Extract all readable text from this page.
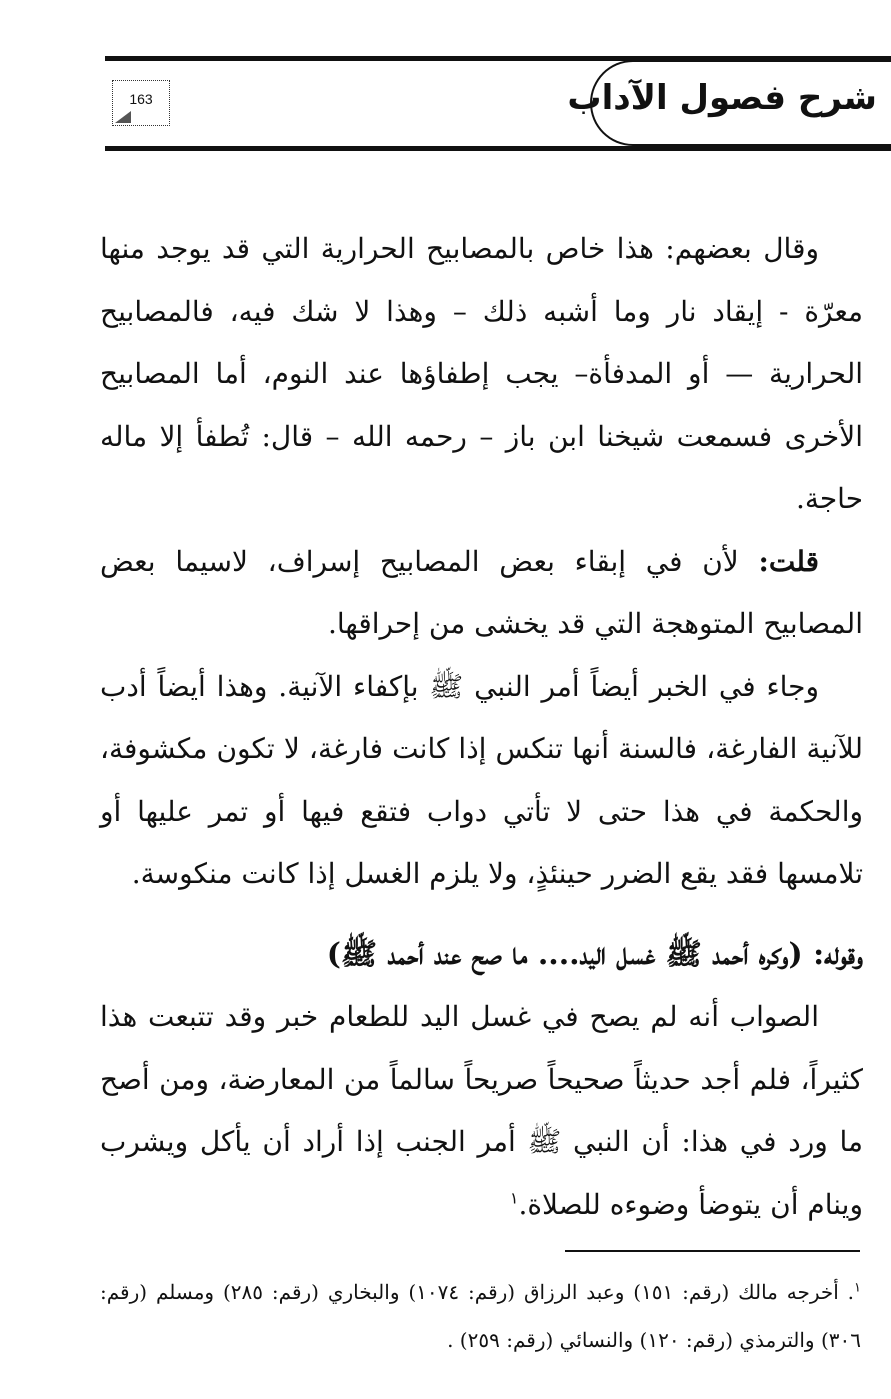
شرح فصول الآداب
163

وقال بعضهم: هذا خاص بالمصابيح الحرارية التي قد يوجد منها معرّة - إيقاد نار وما أشبه ذلك – وهذا لا شك فيه، فالمصابيح الحرارية — أو المدفأة– يجب إطفاؤها عند النوم، أما المصابيح الأخرى فسمعت شيخنا ابن باز – رحمه الله – قال: تُطفأ إلا ماله حاجة.

قلت: لأن في إبقاء بعض المصابيح إسراف، لاسيما بعض المصابيح المتوهجة التي قد يخشى من إحراقها.

وجاء في الخبر أيضاً أمر النبي ﷺ بإكفاء الآنية. وهذا أيضاً أدب للآنية الفارغة، فالسنة أنها تنكس إذا كانت فارغة، لا تكون مكشوفة، والحكمة في هذا حتى لا تأتي دواب فتقع فيها أو تمر عليها أو تلامسها فقد يقع الضرر حينئذٍ، ولا يلزم الغسل إذا كانت منكوسة.

وقوله: (وكره أحمد ﷺ غسل اليد.... ما صح عند أحمد ﷺ)

الصواب أنه لم يصح في غسل اليد للطعام خبر وقد تتبعت هذا كثيراً، فلم أجد حديثاً صحيحاً صريحاً سالماً من المعارضة، ومن أصح ما ورد في هذا: أن النبي ﷺ أمر الجنب إذا أراد أن يأكل ويشرب وينام أن يتوضأ وضوءه للصلاة.$^١$

$^١$. أخرجه مالك (رقم: ١٥١) وعبد الرزاق (رقم: ١٠٧٤) والبخاري (رقم: ٢٨٥) ومسلم (رقم: ٣٠٦) والترمذي (رقم: ١٢٠) والنسائي (رقم: ٢٥٩) .
